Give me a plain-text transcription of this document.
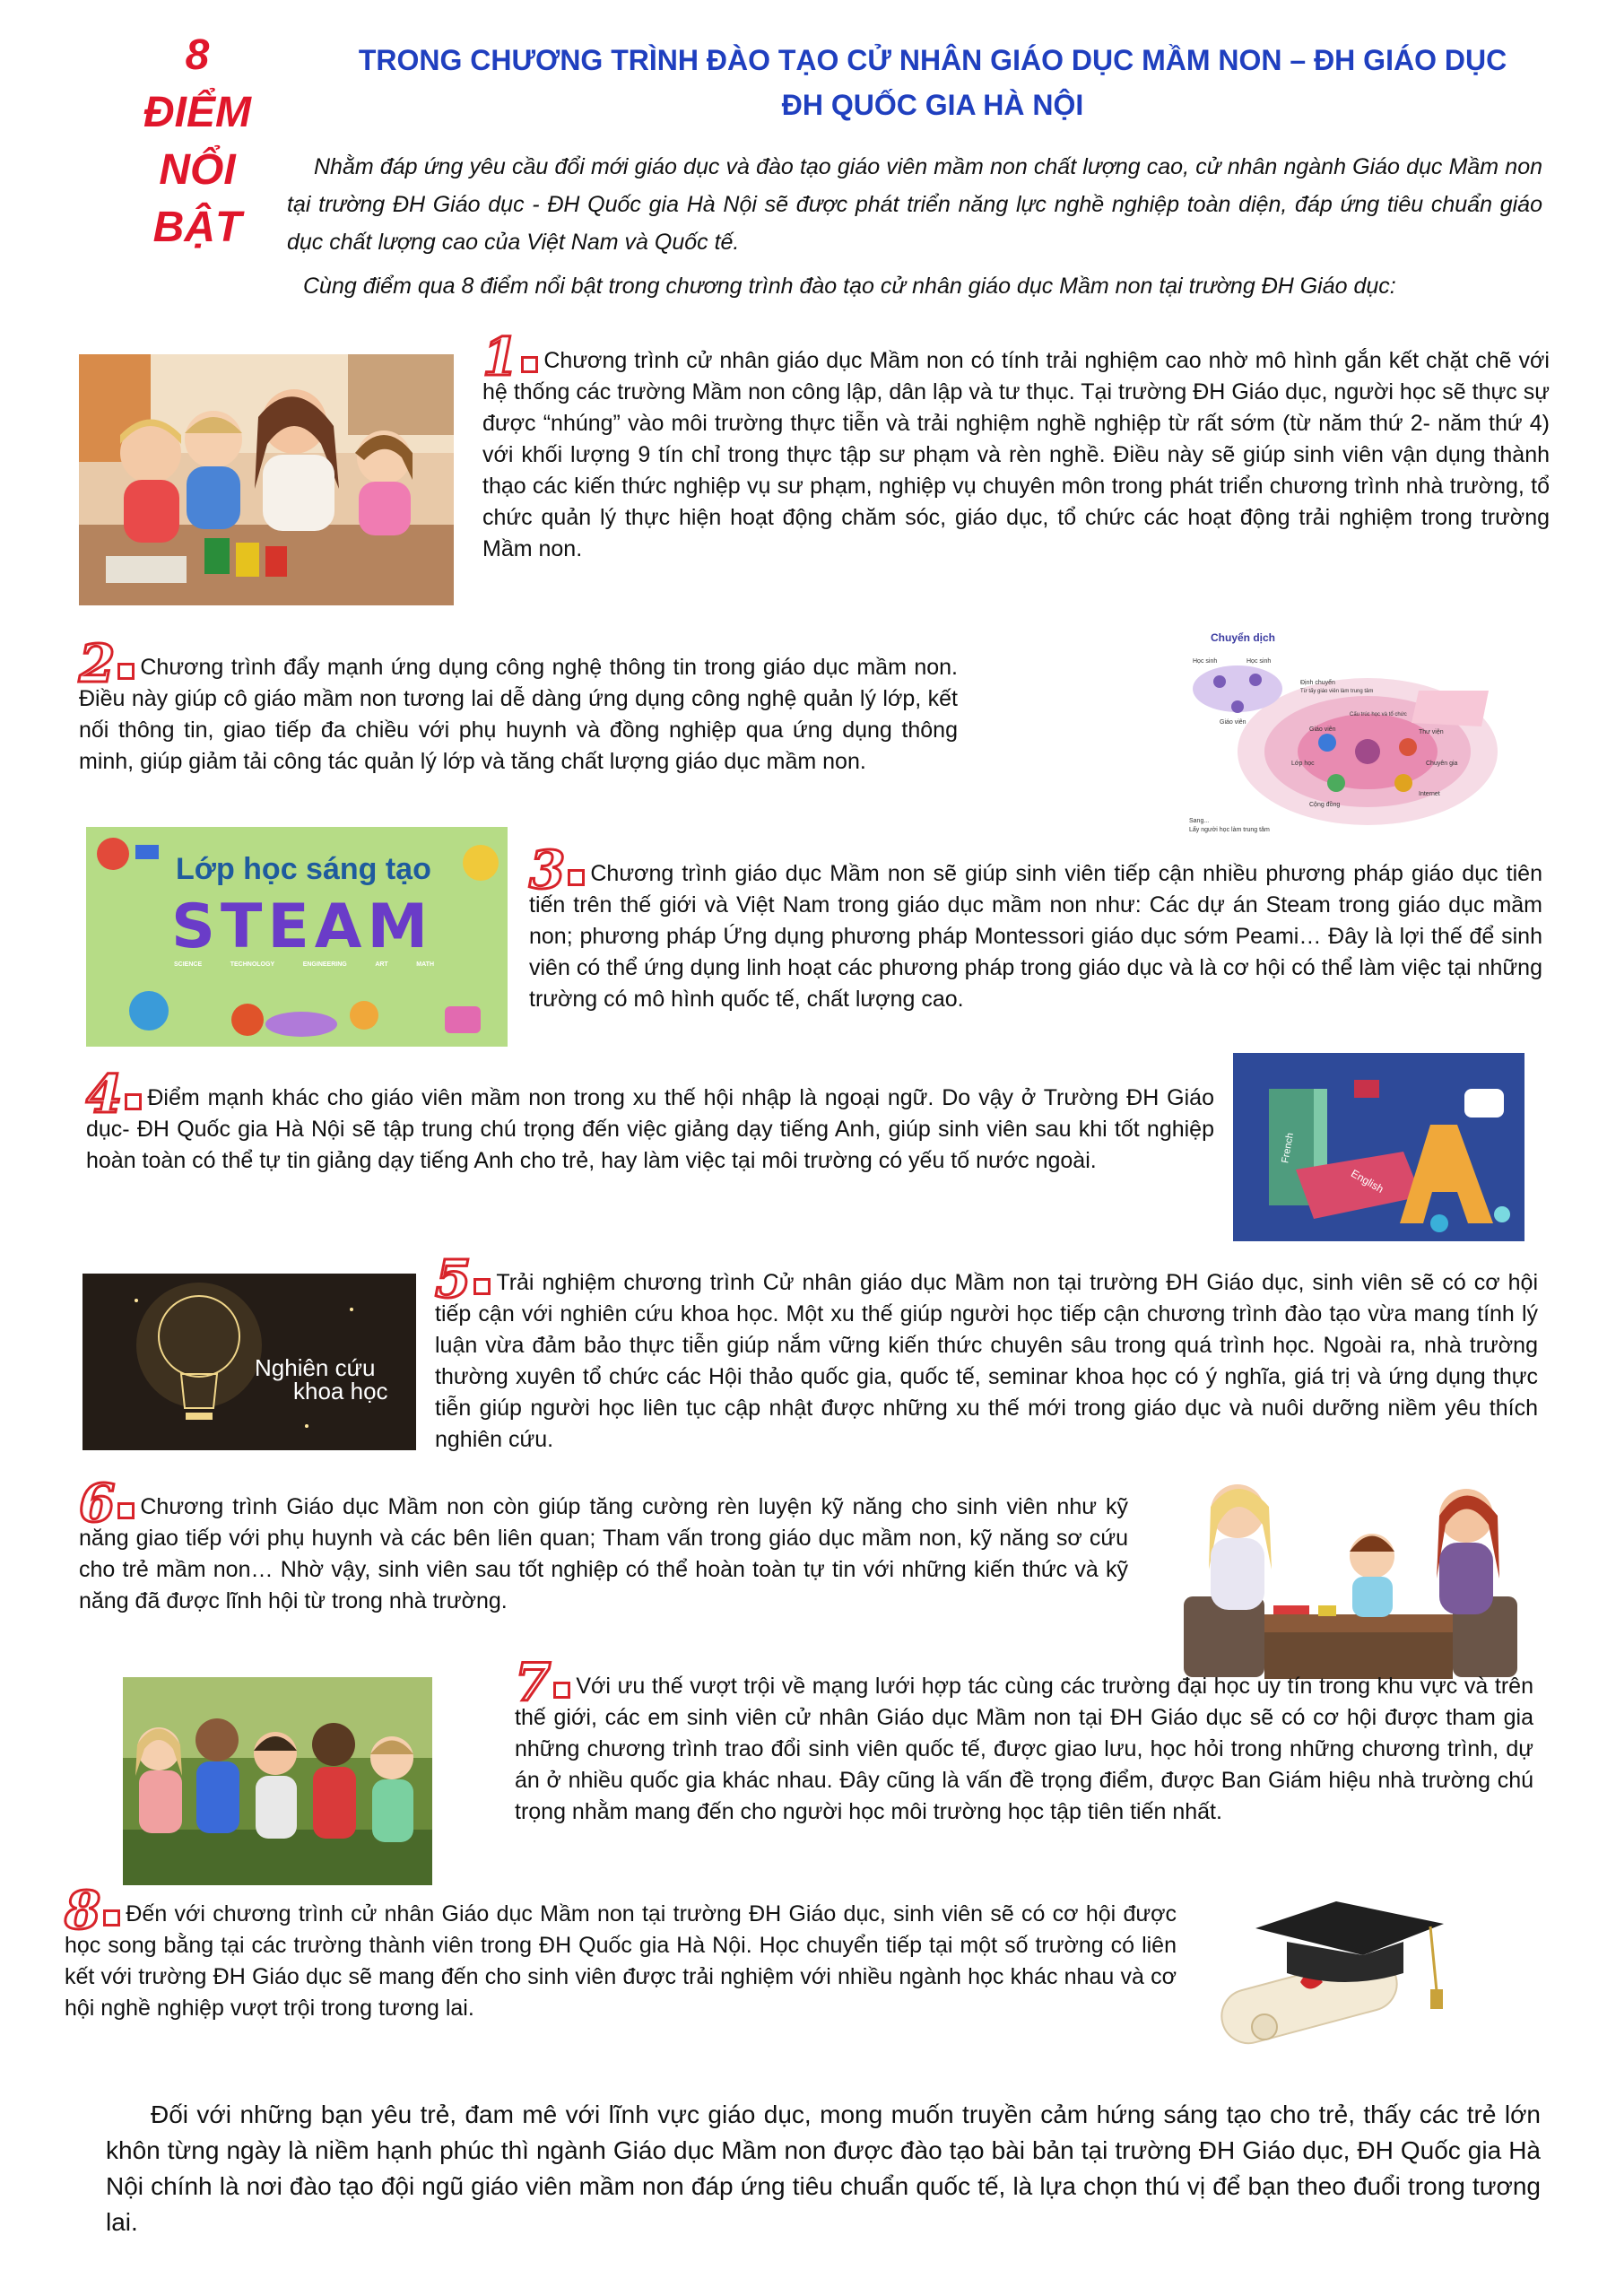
8
ĐIỂM
NỔI
BẬT
TRONG CHƯƠNG TRÌNH ĐÀO TẠO CỬ NHÂN GIÁO DỤC MẦM NON – ĐH GIÁO DỤC
ĐH QUỐC GIA HÀ NỘI

Nhằm đáp ứng yêu cầu đổi mới giáo dục và đào tạo giáo viên mầm non chất lượng cao, cử nhân ngành Giáo dục Mầm non tại trường ĐH Giáo dục - ĐH Quốc gia Hà Nội sẽ được phát triển năng lực nghề nghiệp toàn diện, đáp ứng tiêu chuẩn giáo dục chất lượng cao của Việt Nam và Quốc tế.

Cùng điểm qua 8 điểm nổi bật trong chương trình đào tạo cử nhân giáo dục Mầm non tại trường ĐH Giáo dục:
1 Chương trình cử nhân giáo dục Mầm non có tính trải nghiệm cao nhờ mô hình gắn kết chặt chẽ với hệ thống các trường Mầm non công lập, dân lập và tư thục. Tại trường ĐH Giáo dục, người học sẽ thực sự được “nhúng” vào môi trường thực tiễn và trải nghiệm nghề nghiệp từ rất sớm (từ năm thứ 2- năm thứ 4) với khối lượng 9 tín chỉ trong thực tập sư phạm và rèn nghề. Điều này sẽ giúp sinh viên vận dụng thành thạo các kiến thức nghiệp vụ sư phạm, nghiệp vụ chuyên môn trong phát triển chương trình nhà trường, tổ chức quản lý thực hiện hoạt động chăm sóc, giáo dục, tổ chức các hoạt động trải nghiệm trong trường Mầm non.
2 Chương trình đẩy mạnh ứng dụng công nghệ thông tin trong giáo dục mầm non. Điều này giúp cô giáo mầm non tương lai dễ dàng ứng dụng công nghệ quản lý lớp, kết nối thông tin, giao tiếp đa chiều với phụ huynh và đồng nghiệp qua ứng dụng thông minh, giúp giảm tải công tác quản lý lớp và tăng chất lượng giáo dục mầm non.
Chuyển dịch
Học sinh	Học sinh
Giáo viên
Định chuyển
Từ tấy giáo viên làm trung tâm
Cấu trúc học và tổ chức
Giáo viên	Thư viện
Lớp học	Chuyên gia
Cộng đồng
Internet
Sang...
Lấy người học làm trung tâm
Lớp học sáng tạo
STEAM
SCIENCE	TECHNOLOGY	ENGINEERING	ART	MATH
3 Chương trình giáo dục Mầm non sẽ giúp sinh viên tiếp cận nhiều phương pháp giáo dục tiên tiến trên thế giới và Việt Nam trong giáo dục mầm non như: Các dự án Steam trong giáo dục mầm non; phương pháp Ứng dụng phương pháp Montessori giáo dục sớm Peami… Đây là lợi thế để sinh viên có thể ứng dụng linh hoạt các phương pháp trong giáo dục và là cơ hội có thể làm việc tại những trường có mô hình quốc tế, chất lượng cao.
4 Điểm mạnh khác cho giáo viên mầm non trong xu thế hội nhập là ngoại ngữ. Do vậy ở Trường ĐH Giáo dục- ĐH Quốc gia Hà Nội sẽ tập trung chú trọng đến việc giảng dạy tiếng Anh, giúp sinh viên sau khi tốt nghiệp hoàn toàn có thể tự tin giảng dạy tiếng Anh cho trẻ, hay làm việc tại môi trường có yếu tố nước ngoài.	French
English
Nghiên cứu
khoa học
5 Trải nghiệm chương trình Cử nhân giáo dục Mầm non tại trường ĐH Giáo dục, sinh viên sẽ có cơ hội tiếp cận với nghiên cứu khoa học. Một xu thế giúp người học tiếp cận chương trình đào tạo vừa mang tính lý luận vừa đảm bảo thực tiễn giúp nắm vững kiến thức chuyên sâu trong quá trình học. Ngoài ra, nhà trường thường xuyên tổ chức các Hội thảo quốc gia, quốc tế, seminar khoa học có ý nghĩa, giá trị và ứng dụng thực tiễn giúp người học liên tục cập nhật được những xu thế mới trong giáo dục và nuôi dưỡng niềm yêu thích nghiên cứu.
6 Chương trình Giáo dục Mầm non còn giúp tăng cường rèn luyện kỹ năng cho sinh viên như kỹ năng giao tiếp với phụ huynh và các bên liên quan; Tham vấn trong giáo dục mầm non, kỹ năng sơ cứu cho trẻ mầm non… Nhờ vậy, sinh viên sau tốt nghiệp có thể hoàn toàn tự tin với những kiến thức và kỹ năng đã được lĩnh hội từ trong nhà trường.
7 Với ưu thế vượt trội về mạng lưới hợp tác cùng các trường đại học uy tín trong khu vực và trên thế giới, các em sinh viên cử nhân Giáo dục Mầm non tại ĐH Giáo dục sẽ có cơ hội được tham gia những chương trình trao đổi sinh viên quốc tế, được giao lưu, học hỏi trong những chương trình, dự án ở nhiều quốc gia khác nhau. Đây cũng là vấn đề trọng điểm, được Ban Giám hiệu nhà trường chú trọng nhằm mang đến cho người học môi trường học tập tiên tiến nhất.
8 Đến với chương trình cử nhân Giáo dục Mầm non tại trường ĐH Giáo dục, sinh viên sẽ có cơ hội được học song bằng tại các trường thành viên trong ĐH Quốc gia Hà Nội. Học chuyển tiếp tại một số trường có liên kết với trường ĐH Giáo dục sẽ mang đến cho sinh viên được trải nghiệm với nhiều ngành học khác nhau và cơ hội nghề nghiệp vượt trội trong tương lai.

Đối với những bạn yêu trẻ, đam mê với lĩnh vực giáo dục, mong muốn truyền cảm hứng sáng tạo cho trẻ, thấy các trẻ lớn khôn từng ngày là niềm hạnh phúc thì ngành Giáo dục Mầm non được đào tạo bài bản tại trường ĐH Giáo dục, ĐH Quốc gia Hà Nội chính là nơi đào tạo đội ngũ giáo viên mầm non đáp ứng tiêu chuẩn quốc tế, là lựa chọn thú vị để bạn theo đuổi trong tương lai.
